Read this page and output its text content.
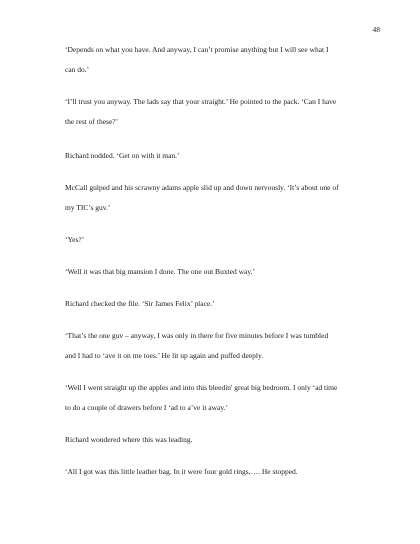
48

‘Depends on what you have. And anyway, I can’t promise anything but I will see what I

can do.’

‘I’ll trust you anyway. The lads say that your straight.’ He pointed to the pack. ‘Can I have

the rest of these?’

Richard nodded. ‘Get on with it man.’

McCall gulped and his scrawny adams apple slid up and down nervously. ‘It’s about one of

my TIC’s guv.’

‘Yes?’

‘Well it was that big mansion I done. The one out Buxted way.’

Richard checked the file. ‘Sir James Felix’ place.’

‘That’s the one guv – anyway, I was only in there for five minutes before I was tumbled

and I had to ‘ave it on me toes.’ He lit up again and puffed deeply.

‘Well I went straight up the apples and into this bleedin' great big bedroom. I only ‘ad time

to do a couple of drawers before I ‘ad to a’ve it away.’

Richard wondered where this was leading.

‘All I got was this little leather bag. In it were four gold rings,…. He stopped.
